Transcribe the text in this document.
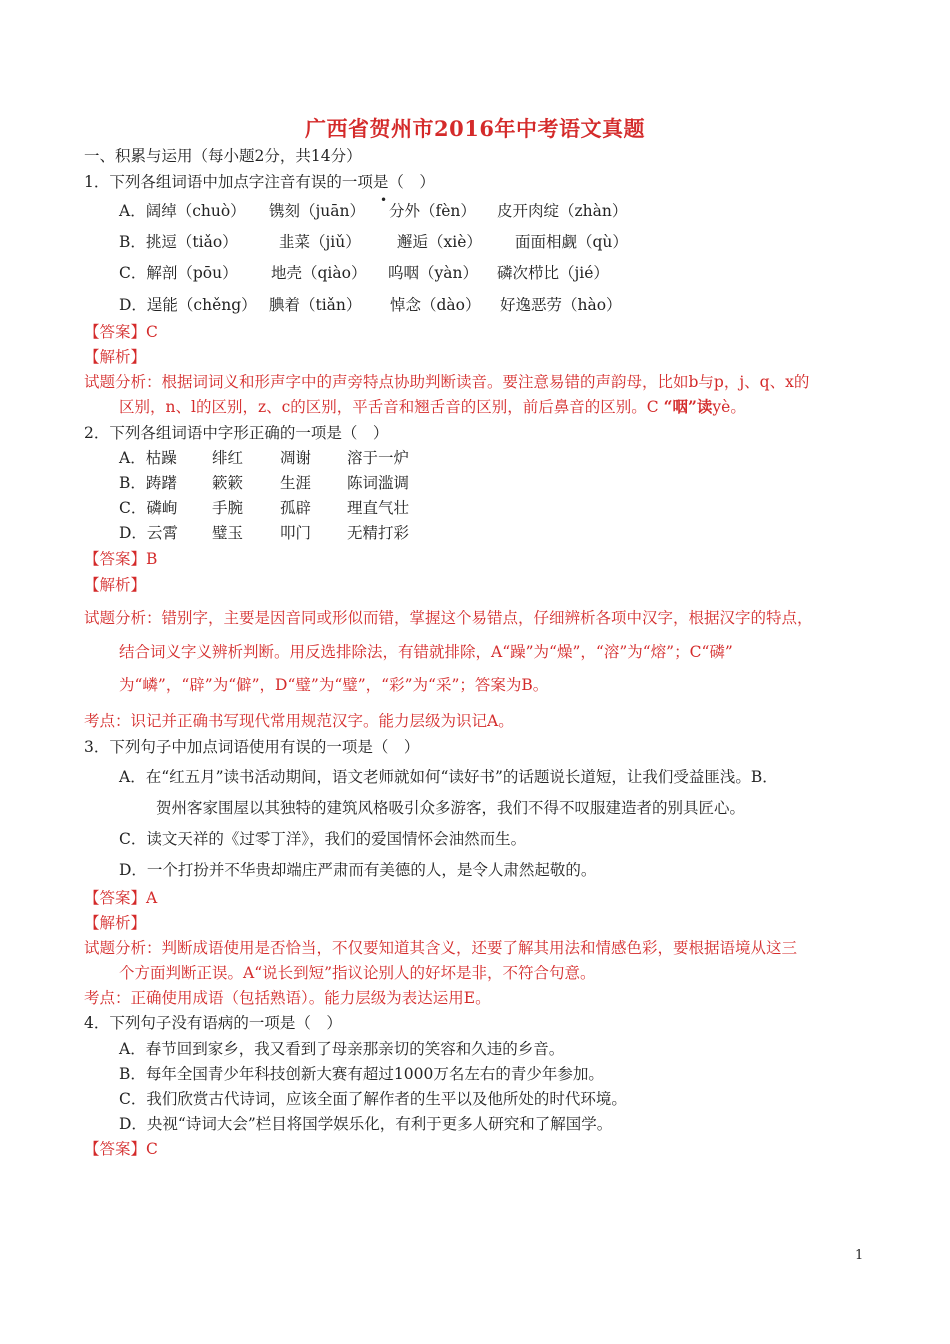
广西省贺州市2016年中考语文真题
一、积累与运用（每小题2分，共14分）
1．下列各组词语中加点字注音有误的一项是（　）
•
A．阔绰（chuò）	镌刻（juān）	分外（fèn）	皮开肉绽（zhàn）
B．挑逗（tiǎo）	韭菜（jiǔ）	邂逅（xiè）	面面相觑（qù）
C．解剖（pōu）	地壳（qiào）	呜咽（yàn）	磷次栉比（jié）
D．逞能（chěng） 腆着（tiǎn）	悼念（dào）	好逸恶劳（hào）
【答案】C
【解析】
试题分析：根据词词义和形声字中的声旁特点协助判断读音。要注意易错的声韵母，比如b与p，j、q、x的
区别，n、l的区别，z、c的区别，平舌音和翘舌音的区别，前后鼻音的区别。C “咽”读yè。
2．下列各组词语中字形正确的一项是（　）
A．枯躁	绯红	凋谢	溶于一炉
B．踌躇	簌簌	生涯	陈词滥调
C．磷峋	手腕	孤辟	理直气壮
D．云霄	璧玉	叩门	无精打彩
【答案】B
【解析】
试题分析：错别字，主要是因音同或形似而错，掌握这个易错点，仔细辨析各项中汉字，根据汉字的特点，
结合词义字义辨析判断。用反选排除法，有错就排除，A“躁”为“燥”，“溶”为“熔”；C“磷”
为“嶙”，“辟”为“僻”，D“璧”为“璧”，“彩”为“采”；答案为B。
考点：识记并正确书写现代常用规范汉字。能力层级为识记A。
3．下列句子中加点词语使用有误的一项是（　）
A．在“红五月”读书活动期间，语文老师就如何“读好书”的话题说长道短，让我们受益匪浅。B．
贺州客家围屋以其独特的建筑风格吸引众多游客，我们不得不叹服建造者的别具匠心。
C．读文天祥的《过零丁洋》，我们的爱国情怀会油然而生。
D．一个打扮并不华贵却端庄严肃而有美德的人，是令人肃然起敬的。
【答案】A
【解析】
试题分析：判断成语使用是否恰当，不仅要知道其含义，还要了解其用法和情感色彩，要根据语境从这三
个方面判断正误。A“说长到短”指议论别人的好坏是非，不符合句意。
考点：正确使用成语（包括熟语）。能力层级为表达运用E。
4．下列句子没有语病的一项是（　）
A．春节回到家乡，我又看到了母亲那亲切的笑容和久违的乡音。
B．每年全国青少年科技创新大赛有超过1000万名左右的青少年参加。
C．我们欣赏古代诗词，应该全面了解作者的生平以及他所处的时代环境。
D．央视“诗词大会”栏目将国学娱乐化，有利于更多人研究和了解国学。
【答案】C
1
